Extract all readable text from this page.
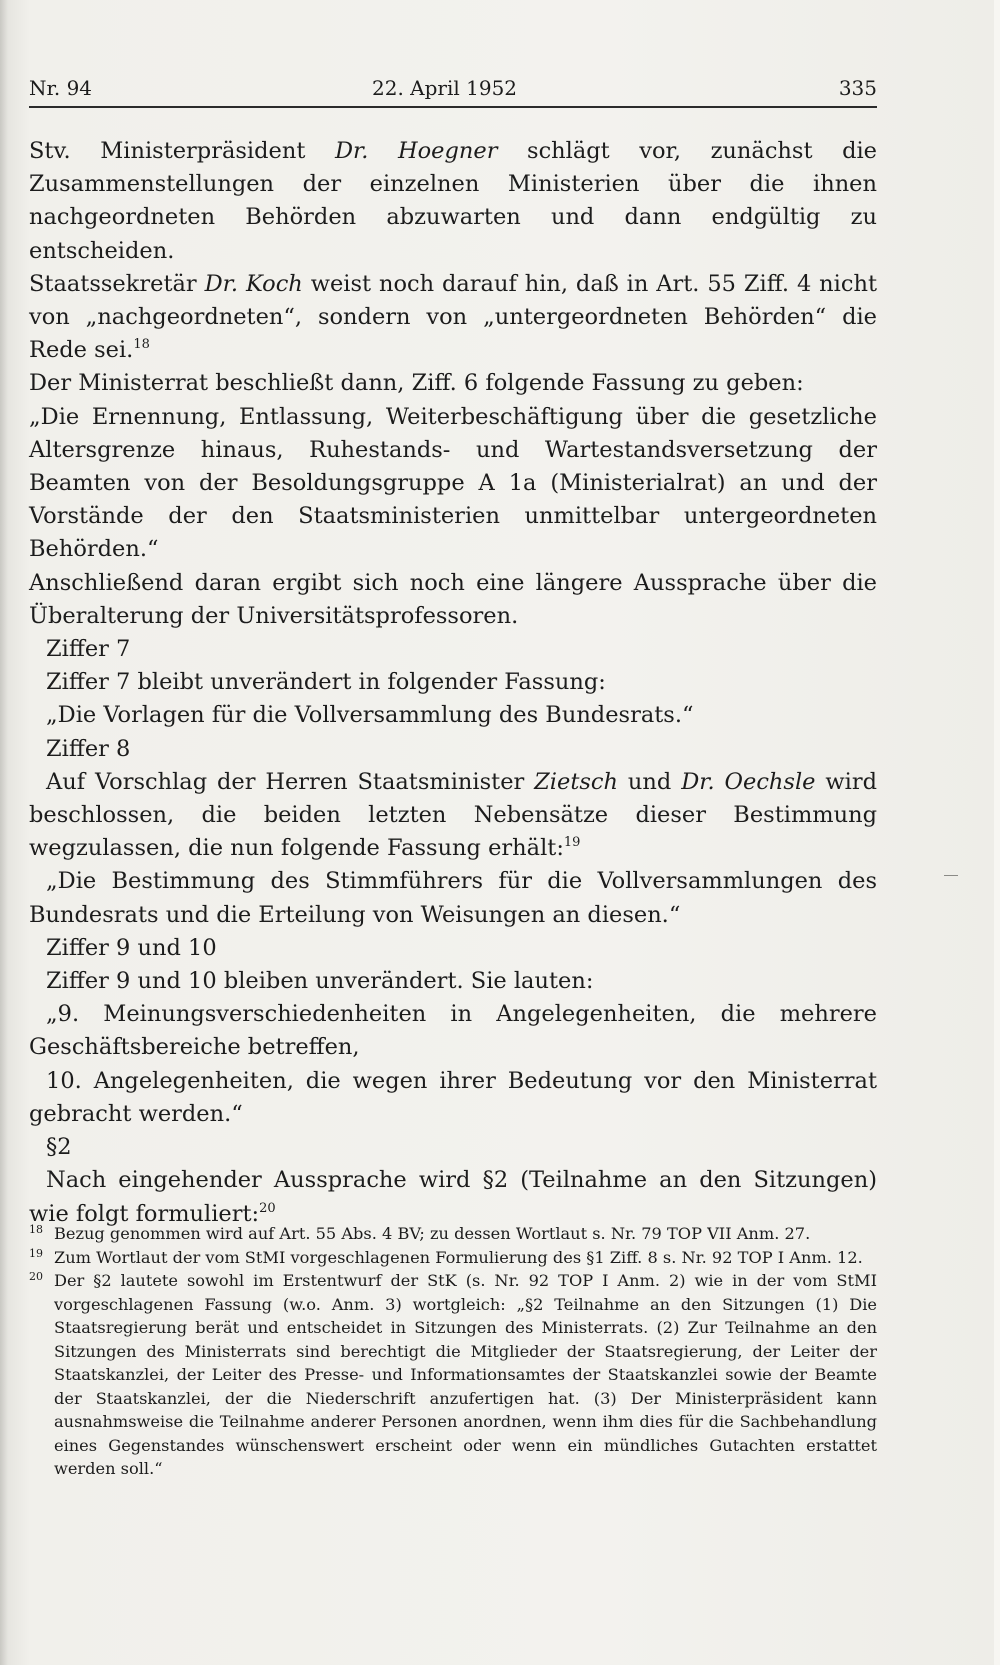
Nr. 94	22. April 1952	335

Stv. Ministerpräsident Dr. Hoegner schlägt vor, zunächst die Zusammenstellungen der einzelnen Ministerien über die ihnen nachgeordneten Behörden abzuwarten und dann endgültig zu entscheiden.

Staatssekretär Dr. Koch weist noch darauf hin, daß in Art. 55 Ziff. 4 nicht von „nachgeordneten“, sondern von „untergeordneten Behörden“ die Rede sei.$^{18}$

Der Ministerrat beschließt dann, Ziff. 6 folgende Fassung zu geben:

„Die Ernennung, Entlassung, Weiterbeschäftigung über die gesetzliche Altersgrenze hinaus, Ruhestands- und Wartestandsversetzung der Beamten von der Besoldungsgruppe A 1a (Ministerialrat) an und der Vorstände der den Staatsministerien unmittelbar untergeordneten Behörden.“

Anschließend daran ergibt sich noch eine längere Aussprache über die Überalterung der Universitätsprofessoren.

Ziffer 7

Ziffer 7 bleibt unverändert in folgender Fassung:

„Die Vorlagen für die Vollversammlung des Bundesrats.“

Ziffer 8

Auf Vorschlag der Herren Staatsminister Zietsch und Dr. Oechsle wird beschlossen, die beiden letzten Nebensätze dieser Bestimmung wegzulassen, die nun folgende Fassung erhält:$^{19}$

„Die Bestimmung des Stimmführers für die Vollversammlungen des Bundesrats und die Erteilung von Weisungen an diesen.“

Ziffer 9 und 10

Ziffer 9 und 10 bleiben unverändert. Sie lauten:

„9. Meinungsverschiedenheiten in Angelegenheiten, die mehrere Geschäftsbereiche betreffen,

10. Angelegenheiten, die wegen ihrer Bedeutung vor den Ministerrat gebracht werden.“

§2

Nach eingehender Aussprache wird §2 (Teilnahme an den Sitzungen) wie folgt formuliert:$^{20}$

18 Bezug genommen wird auf Art. 55 Abs. 4 BV; zu dessen Wortlaut s. Nr. 79 TOP VII Anm. 27.

19 Zum Wortlaut der vom StMI vorgeschlagenen Formulierung des §1 Ziff. 8 s. Nr. 92 TOP I Anm. 12.

20 Der §2 lautete sowohl im Erstentwurf der StK (s. Nr. 92 TOP I Anm. 2) wie in der vom StMI vorgeschlagenen Fassung (w.o. Anm. 3) wortgleich: „§2 Teilnahme an den Sitzungen (1) Die Staatsregierung berät und entscheidet in Sitzungen des Ministerrats. (2) Zur Teilnahme an den Sitzungen des Ministerrats sind berechtigt die Mitglieder der Staatsregierung, der Leiter der Staatskanzlei, der Leiter des Presse- und Informationsamtes der Staatskanzlei sowie der Beamte der Staatskanzlei, der die Niederschrift anzufertigen hat. (3) Der Ministerpräsident kann ausnahmsweise die Teilnahme anderer Personen anordnen, wenn ihm dies für die Sachbehandlung eines Gegenstandes wünschenswert erscheint oder wenn ein mündliches Gutachten erstattet werden soll.“
